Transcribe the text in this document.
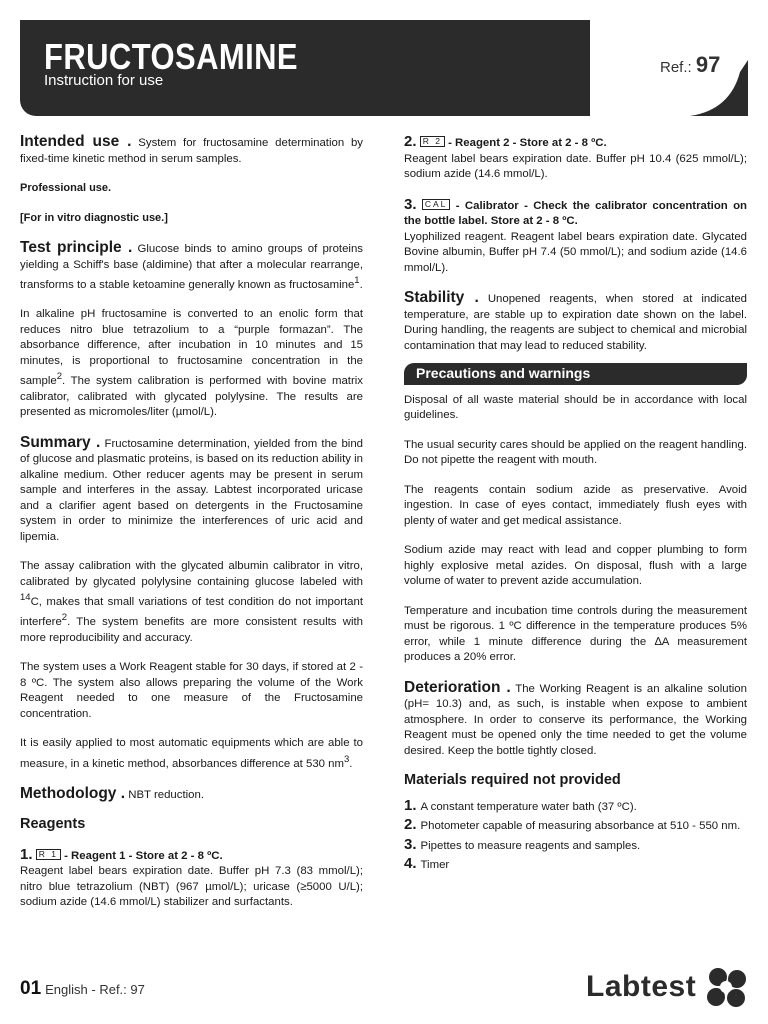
FRUCTOSAMINE
Instruction for use
Ref.: 97

Intended use . System for fructosamine determination by fixed-time kinetic method in serum samples.

Professional use.

[For in vitro diagnostic use.]

Test principle . Glucose binds to amino groups of proteins yielding a Schiff's base (aldimine) that after a molecular rearrange, transforms to a stable ketoamine generally known as fructosamine$^1$.

In alkaline pH fructosamine is converted to an enolic form that reduces nitro blue tetrazolium to a “purple formazan”. The absorbance difference, after incubation in 10 minutes and 15 minutes, is proportional to fructosamine concentration in the sample$^2$. The system calibration is performed with bovine matrix calibrator, calibrated with glycated polylysine. The results are presented as micromoles/liter (µmol/L).

Summary . Fructosamine determination, yielded from the bind of glucose and plasmatic proteins, is based on its reduction ability in alkaline medium. Other reducer agents may be present in serum sample and interferes in the assay. Labtest incorporated uricase and a clarifier agent based on detergents in the Fructosamine system in order to minimize the interferences of uric acid and lipemia.

The assay calibration with the glycated albumin calibrator in vitro, calibrated by glycated polylysine containing glucose labeled with $^{14}$C, makes that small variations of test condition do not important interfere$^2$. The system benefits are more consistent results with more reproducibility and accuracy.

The system uses a Work Reagent stable for 30 days, if stored at 2 - 8 ºC. The system also allows preparing the volume of the Work Reagent needed to one measure of the Fructosamine concentration.

It is easily applied to most automatic equipments which are able to measure, in a kinetic method, absorbances difference at 530 $nm^3$.

Methodology . NBT reduction.

Reagents

1. R 1 - Reagent 1 - Store at 2 - 8 ºC.

Reagent label bears expiration date. Buffer pH 7.3 (83 mmol/L); nitro blue tetrazolium (NBT) (967 µmol/L); uricase (≥5000 U/L); sodium azide (14.6 mmol/L) stabilizer and surfactants.

2. R 2 - Reagent 2 - Store at 2 - 8 ºC.

Reagent label bears expiration date. Buffer pH 10.4 (625 mmol/L); sodium azide (14.6 mmol/L).

3. CAL - Calibrator - Check the calibrator concentration on the bottle label. Store at 2 - 8 ºC.

Lyophilized reagent. Reagent label bears expiration date. Glycated Bovine albumin, Buffer pH 7.4 (50 mmol/L); and sodium azide (14.6 mmol/L).

Stability . Unopened reagents, when stored at indicated temperature, are stable up to expiration date shown on the label. During handling, the reagents are subject to chemical and microbial contamination that may lead to reduced stability.

Precautions and warnings

Disposal of all waste material should be in accordance with local guidelines.

The usual security cares should be applied on the reagent handling. Do not pipette the reagent with mouth.

The reagents contain sodium azide as preservative. Avoid ingestion. In case of eyes contact, immediately flush eyes with plenty of water and get medical assistance.

Sodium azide may react with lead and copper plumbing to form highly explosive metal azides. On disposal, flush with a large volume of water to prevent azide accumulation.

Temperature and incubation time controls during the measurement must be rigorous. 1 ºC difference in the temperature produces 5% error, while 1 minute difference during the ∆A measurement produces a 20% error.

Deterioration . The Working Reagent is an alkaline solution (pH= 10.3) and, as such, is instable when expose to ambient atmosphere. In order to conserve its performance, the Working Reagent must be opened only the time needed to get the volume desired. Keep the bottle tightly closed.

Materials required not provided

1. A constant temperature water bath (37 ºC).

2. Photometer capable of measuring absorbance at 510 - 550 nm.

3. Pipettes to measure reagents and samples.

4. Timer

01 English - Ref.: 97	Labtest
